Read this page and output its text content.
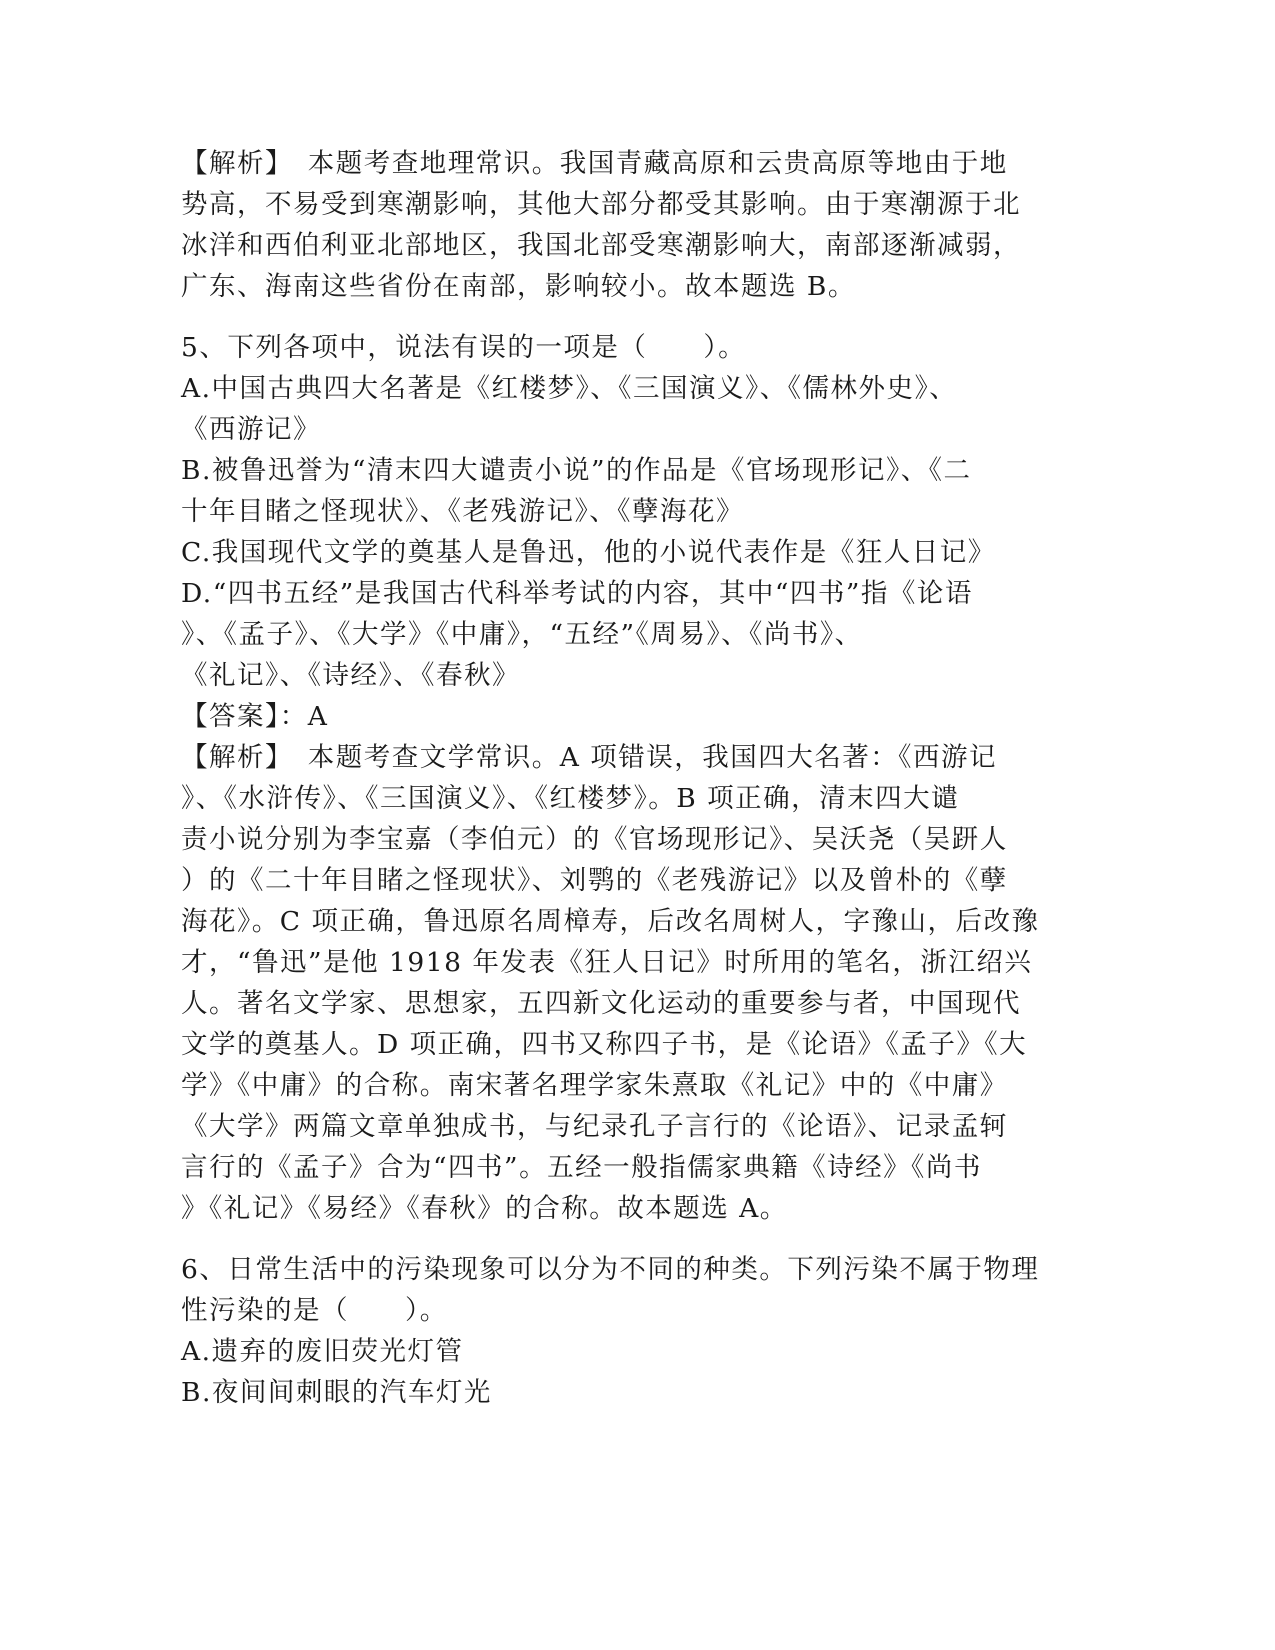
【解析】　本题考查地理常识。我国青藏高原和云贵高原等地由于地
势高，不易受到寒潮影响，其他大部分都受其影响。由于寒潮源于北
冰洋和西伯利亚北部地区，我国北部受寒潮影响大，南部逐渐减弱，
广东、海南这些省份在南部，影响较小。故本题选 B。
5、下列各项中，说法有误的一项是（　　）。
A.中国古典四大名著是《红楼梦》、《三国演义》、《儒林外史》、
《西游记》
B.被鲁迅誉为“清末四大谴责小说”的作品是《官场现形记》、《二
十年目睹之怪现状》、《老残游记》、《孽海花》
C.我国现代文学的奠基人是鲁迅，他的小说代表作是《狂人日记》
D.“四书五经”是我国古代科举考试的内容，其中“四书”指《论语
》、《孟子》、《大学》《中庸》，“五经”《周易》、《尚书》、
《礼记》、《诗经》、《春秋》
【答案】：A
【解析】　本题考查文学常识。A 项错误，我国四大名著：《西游记
》、《水浒传》、《三国演义》、《红楼梦》。B 项正确，清末四大谴
责小说分别为李宝嘉（李伯元）的《官场现形记》、吴沃尧（吴趼人
）的《二十年目睹之怪现状》、刘鹗的《老残游记》以及曾朴的《孽
海花》。C 项正确，鲁迅原名周樟寿，后改名周树人，字豫山，后改豫
才，“鲁迅”是他 1918 年发表《狂人日记》时所用的笔名，浙江绍兴
人。著名文学家、思想家，五四新文化运动的重要参与者，中国现代
文学的奠基人。D 项正确，四书又称四子书，是《论语》《孟子》《大
学》《中庸》的合称。南宋著名理学家朱熹取《礼记》中的《中庸》
《大学》两篇文章单独成书，与纪录孔子言行的《论语》、记录孟轲
言行的《孟子》合为“四书”。五经一般指儒家典籍《诗经》《尚书
》《礼记》《易经》《春秋》的合称。故本题选 A。
6、日常生活中的污染现象可以分为不同的种类。下列污染不属于物理
性污染的是（　　）。
A.遗弃的废旧荧光灯管
B.夜间间刺眼的汽车灯光
